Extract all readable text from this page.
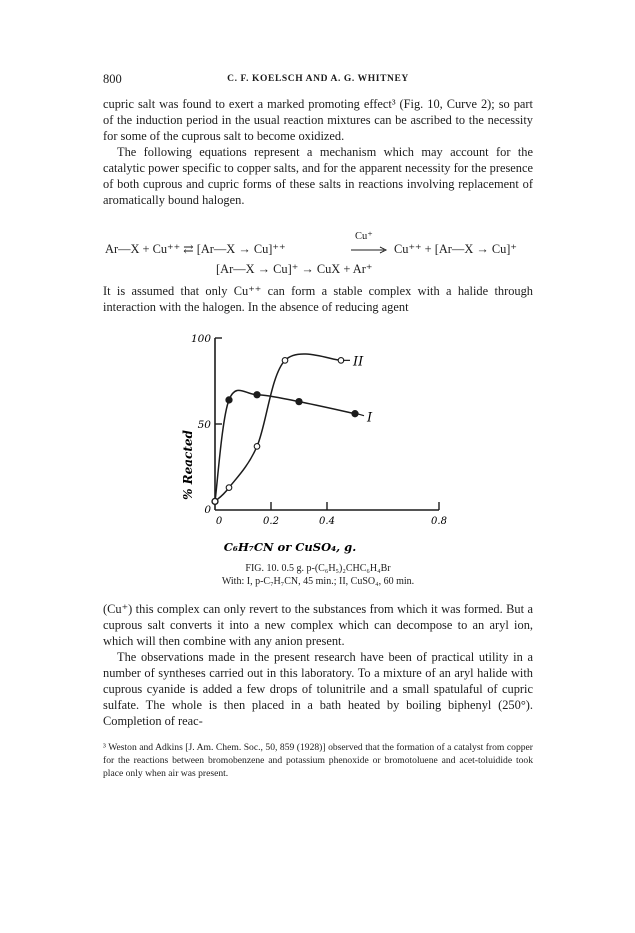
800	C. F. KOELSCH AND A. G. WHITNEY

cupric salt was found to exert a marked promoting effect³ (Fig. 10, Curve 2); so part of the induction period in the usual reaction mixtures can be ascribed to the necessity for some of the cuprous salt to become oxidized.

The following equations represent a mechanism which may account for the catalytic power specific to copper salts, and for the apparent necessity for the presence of both cuprous and cupric forms of these salts in reactions involving replacement of aromatically bound halogen.

Ar—X + Cu⁺⁺ ⇄ [Ar—X → Cu]⁺⁺
Cu⁺
→ Cu⁺⁺ + [Ar—X → Cu]⁺
[Ar—X → Cu]⁺ → CuX + Ar⁺

It is assumed that only Cu⁺⁺ can form a stable complex with a halide through interaction with the halogen. In the absence of reducing agent

0
50
100
0	0.2	0.4	0.8
I
II
% Reacted
C₆H₇CN or CuSO₄, g.
FIG. 10. 0.5 g. p-(C₆H₅)₂CHC₆H₄Br
With: I, p-C₇H₇CN, 45 min.; II, CuSO₄, 60 min.

(Cu⁺) this complex can only revert to the substances from which it was formed. But a cuprous salt converts it into a new complex which can decompose to an aryl ion, which will then combine with any anion present.

The observations made in the present research have been of practical utility in a number of syntheses carried out in this laboratory. To a mixture of an aryl halide with cuprous cyanide is added a few drops of tolunitrile and a small spatulaful of cupric sulfate. The whole is then placed in a bath heated by boiling biphenyl (250°). Completion of reac-

³ Weston and Adkins [J. Am. Chem. Soc., 50, 859 (1928)] observed that the formation of a catalyst from copper for the reactions between bromobenzene and potassium phenoxide or bromotoluene and acet-toluidide took place only when air was present.
